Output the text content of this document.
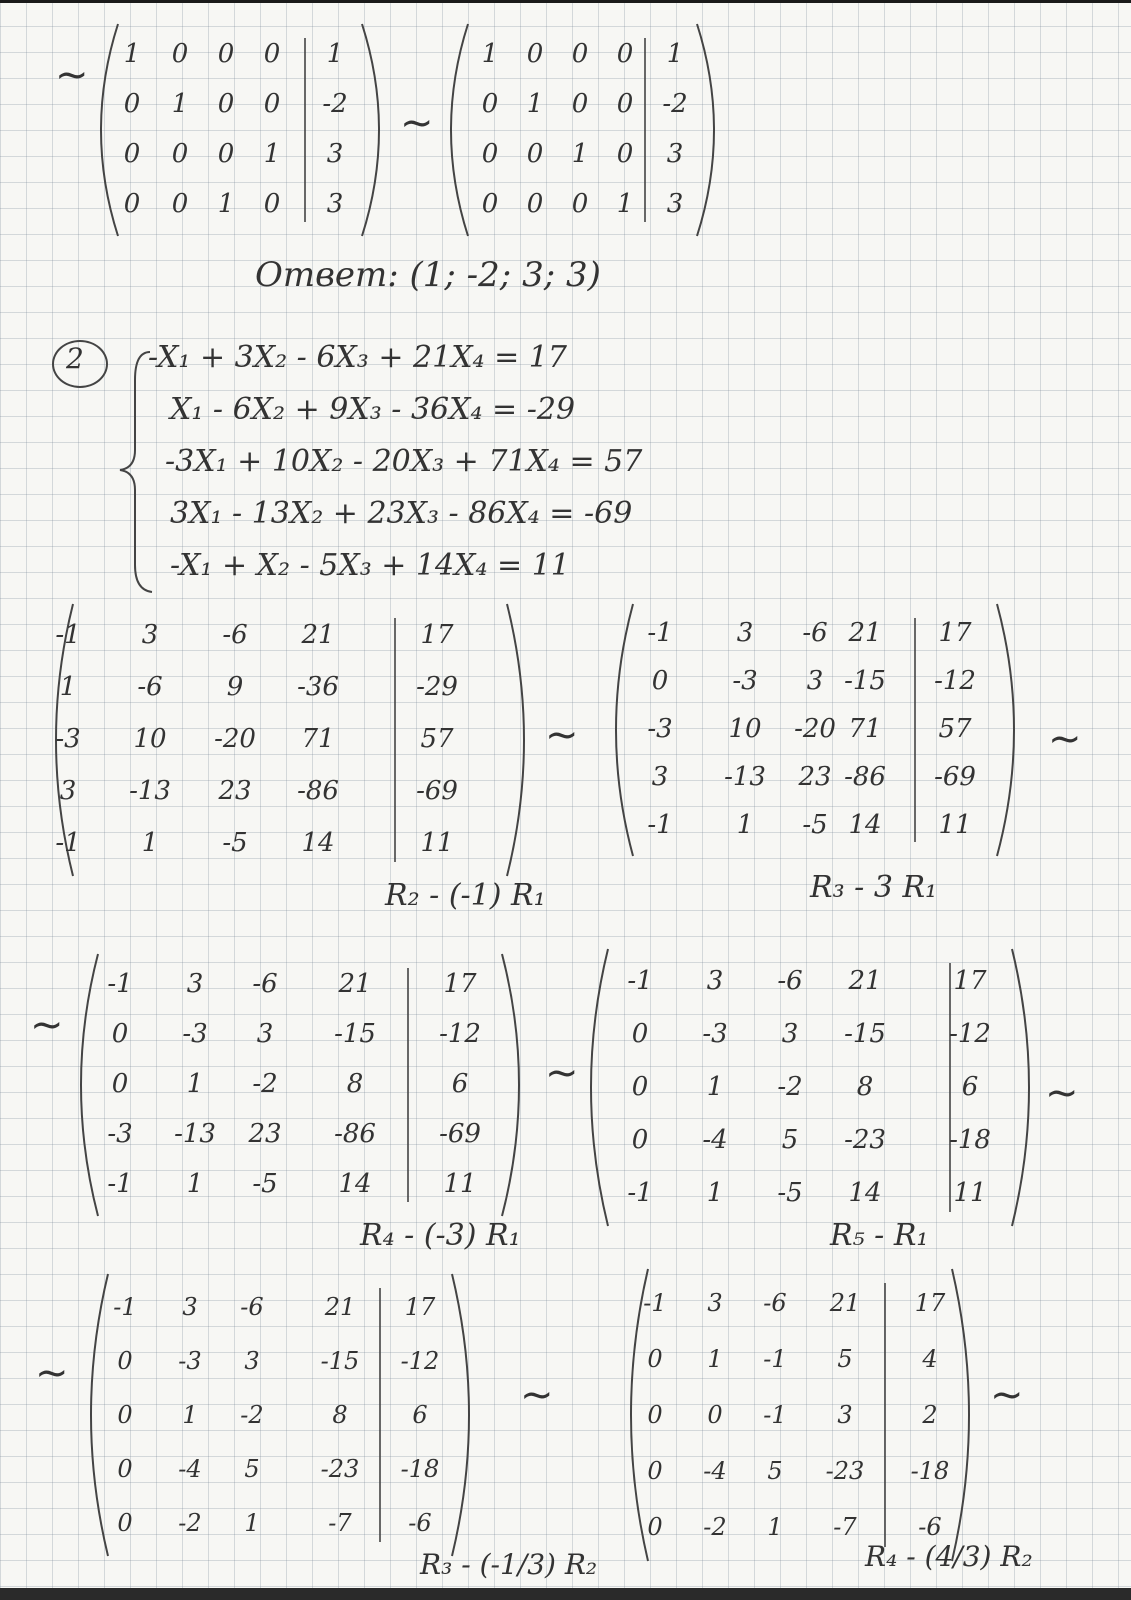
~
~
~	~
~
~	~
~	~	~
1	0	0	0	1
0	1	0	0	-2
0	0	0	1	3
0	0	1	0	3
1	0	0	0	1
0	1	0	0	-2
0	0	1	0	3
0	0	0	1	3
-1	3	-6	21	17
1	-6	9	-36	-29
-3	10	-20	71	57
3	-13	23	-86	-69
-1	1	-5	14	11
-1	3	-6 21	17
0	-3	3 -15	-12
-3	10	-20 71	57
3	-13	23 -86	-69
-1	1	-5 14	11
-1	3	-6	21	17
0	-3	3	-15	-12
0	1	-2	8	6
-3	-13	23	-86	-69
-1	1	-5	14	11
-1	3	-6	21	17
0	-3	3	-15	-12
0	1	-2	8	6
0	-4	5	-23	-18
-1	1	-5	14	11
-1	3	-6	21	17
0	-3	3	-15	-12
0	1	-2	8	6
0	-4	5	-23	-18
0	-2	1	-7	-6
-1	3	-6	21	17
0	1	-1	5	4
0	0	-1	3	2
0	-4	5	-23	-18
0	-2	1	-7	-6
Ответ: (1; -2; 3; 3)
2 -X₁ + 3X₂ - 6X₃ + 21X₄ = 17
X₁ - 6X₂ + 9X₃ - 36X₄ = -29
-3X₁ + 10X₂ - 20X₃ + 71X₄ = 57
3X₁ - 13X₂ + 23X₃ - 86X₄ = -69
-X₁ + X₂ - 5X₃ + 14X₄ = 11
R₂ - (-1) R₁	R₃ - 3 R₁
R₄ - (-3) R₁	R₅ - R₁
R₃ - (-1/3) R₂	R₄ - (4/3) R₂
